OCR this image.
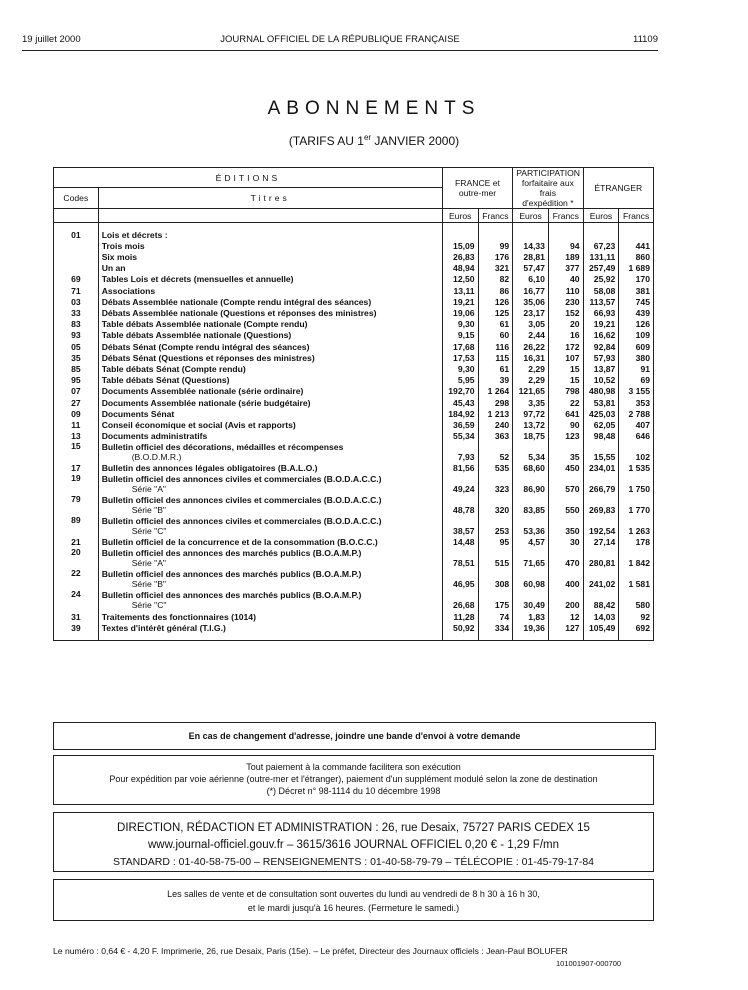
19 juillet 2000	JOURNAL OFFICIEL DE LA RÉPUBLIQUE FRANÇAISE	11109
ABONNEMENTS
(TARIFS AU 1er JANVIER 2000)
ÉDITIONS		FRANCE et outre-mer		PARTICIPATION forfaitaire aux frais d'expédition *		ÉTRANGER	
Codes	Titres						
		Euros	Francs	Euros	Francs	Euros	Francs

01	Lois et décrets :						
	Trois mois	15,09	99	14,33	94	67,23	441
	Six mois	26,83	176	28,81	189	131,11	860
	Un an	48,94	321	57,47	377	257,49	1 689
69	Tables Lois et décrets (mensuelles et annuelle)	12,50	82	6,10	40	25,92	170
71	Associations	13,11	86	16,77	110	58,08	381
03	Débats Assemblée nationale (Compte rendu intégral des séances)	19,21	126	35,06	230	113,57	745
33	Débats Assemblée nationale (Questions et réponses des ministres)	19,06	125	23,17	152	66,93	439
83	Table débats Assemblée nationale (Compte rendu)	9,30	61	3,05	20	19,21	126
93	Table débats Assemblée nationale (Questions)	9,15	60	2,44	16	16,62	109
05	Débats Sénat (Compte rendu intégral des séances)	17,68	116	26,22	172	92,84	609
35	Débats Sénat (Questions et réponses des ministres)	17,53	115	16,31	107	57,93	380
85	Table débats Sénat (Compte rendu)	9,30	61	2,29	15	13,87	91
95	Table débats Sénat (Questions)	5,95	39	2,29	15	10,52	69
07	Documents Assemblée nationale (série ordinaire)	192,70	1 264	121,65	798	480,98	3 155
27	Documents Assemblée nationale (série budgétaire)	45,43	298	3,35	22	53,81	353
09	Documents Sénat	184,92	1 213	97,72	641	425,03	2 788
11	Conseil économique et social (Avis et rapports)	36,59	240	13,72	90	62,05	407
13	Documents administratifs	55,34	363	18,75	123	98,48	646
15	Bulletin officiel des décorations, médailles et récompenses
(B.O.D.M.R.)	7,93	52	5,34	35	15,55	102
17	Bulletin des annonces légales obligatoires (B.A.L.O.)	81,56	535	68,60	450	234,01	1 535
19	Bulletin officiel des annonces civiles et commerciales (B.O.D.A.C.C.)
Série "A"	49,24	323	86,90	570	266,79	1 750
79	Bulletin officiel des annonces civiles et commerciales (B.O.D.A.C.C.)
Série "B"	48,78	320	83,85	550	269,83	1 770
89	Bulletin officiel des annonces civiles et commerciales (B.O.D.A.C.C.)
Série "C"	38,57	253	53,36	350	192,54	1 263
21	Bulletin officiel de la concurrence et de la consommation (B.O.C.C.)	14,48	95	4,57	30	27,14	178
20	Bulletin officiel des annonces des marchés publics (B.O.A.M.P.)
Série "A"	78,51	515	71,65	470	280,81	1 842
22	Bulletin officiel des annonces des marchés publics (B.O.A.M.P.)
Série "B"	46,95	308	60,98	400	241,02	1 581
24	Bulletin officiel des annonces des marchés publics (B.O.A.M.P.)
Série "C"	26,68	175	30,49	200	88,42	580
31	Traitements des fonctionnaires (1014)	11,28	74	1,83	12	14,03	92
39	Textes d'intérêt général (T.I.G.)	50,92	334	19,36	127	105,49	692

En cas de changement d'adresse, joindre une bande d'envoi à votre demande
Tout paiement à la commande facilitera son exécution
Pour expédition par voie aérienne (outre-mer et l'étranger), paiement d'un supplément modulé selon la zone de destination
(*) Décret n° 98-1114 du 10 décembre 1998
DIRECTION, RÉDACTION ET ADMINISTRATION : 26, rue Desaix, 75727 PARIS CEDEX 15
www.journal-officiel.gouv.fr – 3615/3616 JOURNAL OFFICIEL 0,20 € - 1,29 F/mn
STANDARD : 01-40-58-75-00 – RENSEIGNEMENTS : 01-40-58-79-79 – TÉLÉCOPIE : 01-45-79-17-84
Les salles de vente et de consultation sont ouvertes du lundi au vendredi de 8 h 30 à 16 h 30,
et le mardi jusqu'à 16 heures. (Fermeture le samedi.)
Le numéro : 0,64 € - 4,20 F. Imprimerie, 26, rue Desaix, Paris (15e). – Le préfet, Directeur des Journaux officiels : Jean-Paul BOLUFER
101001907-000700
